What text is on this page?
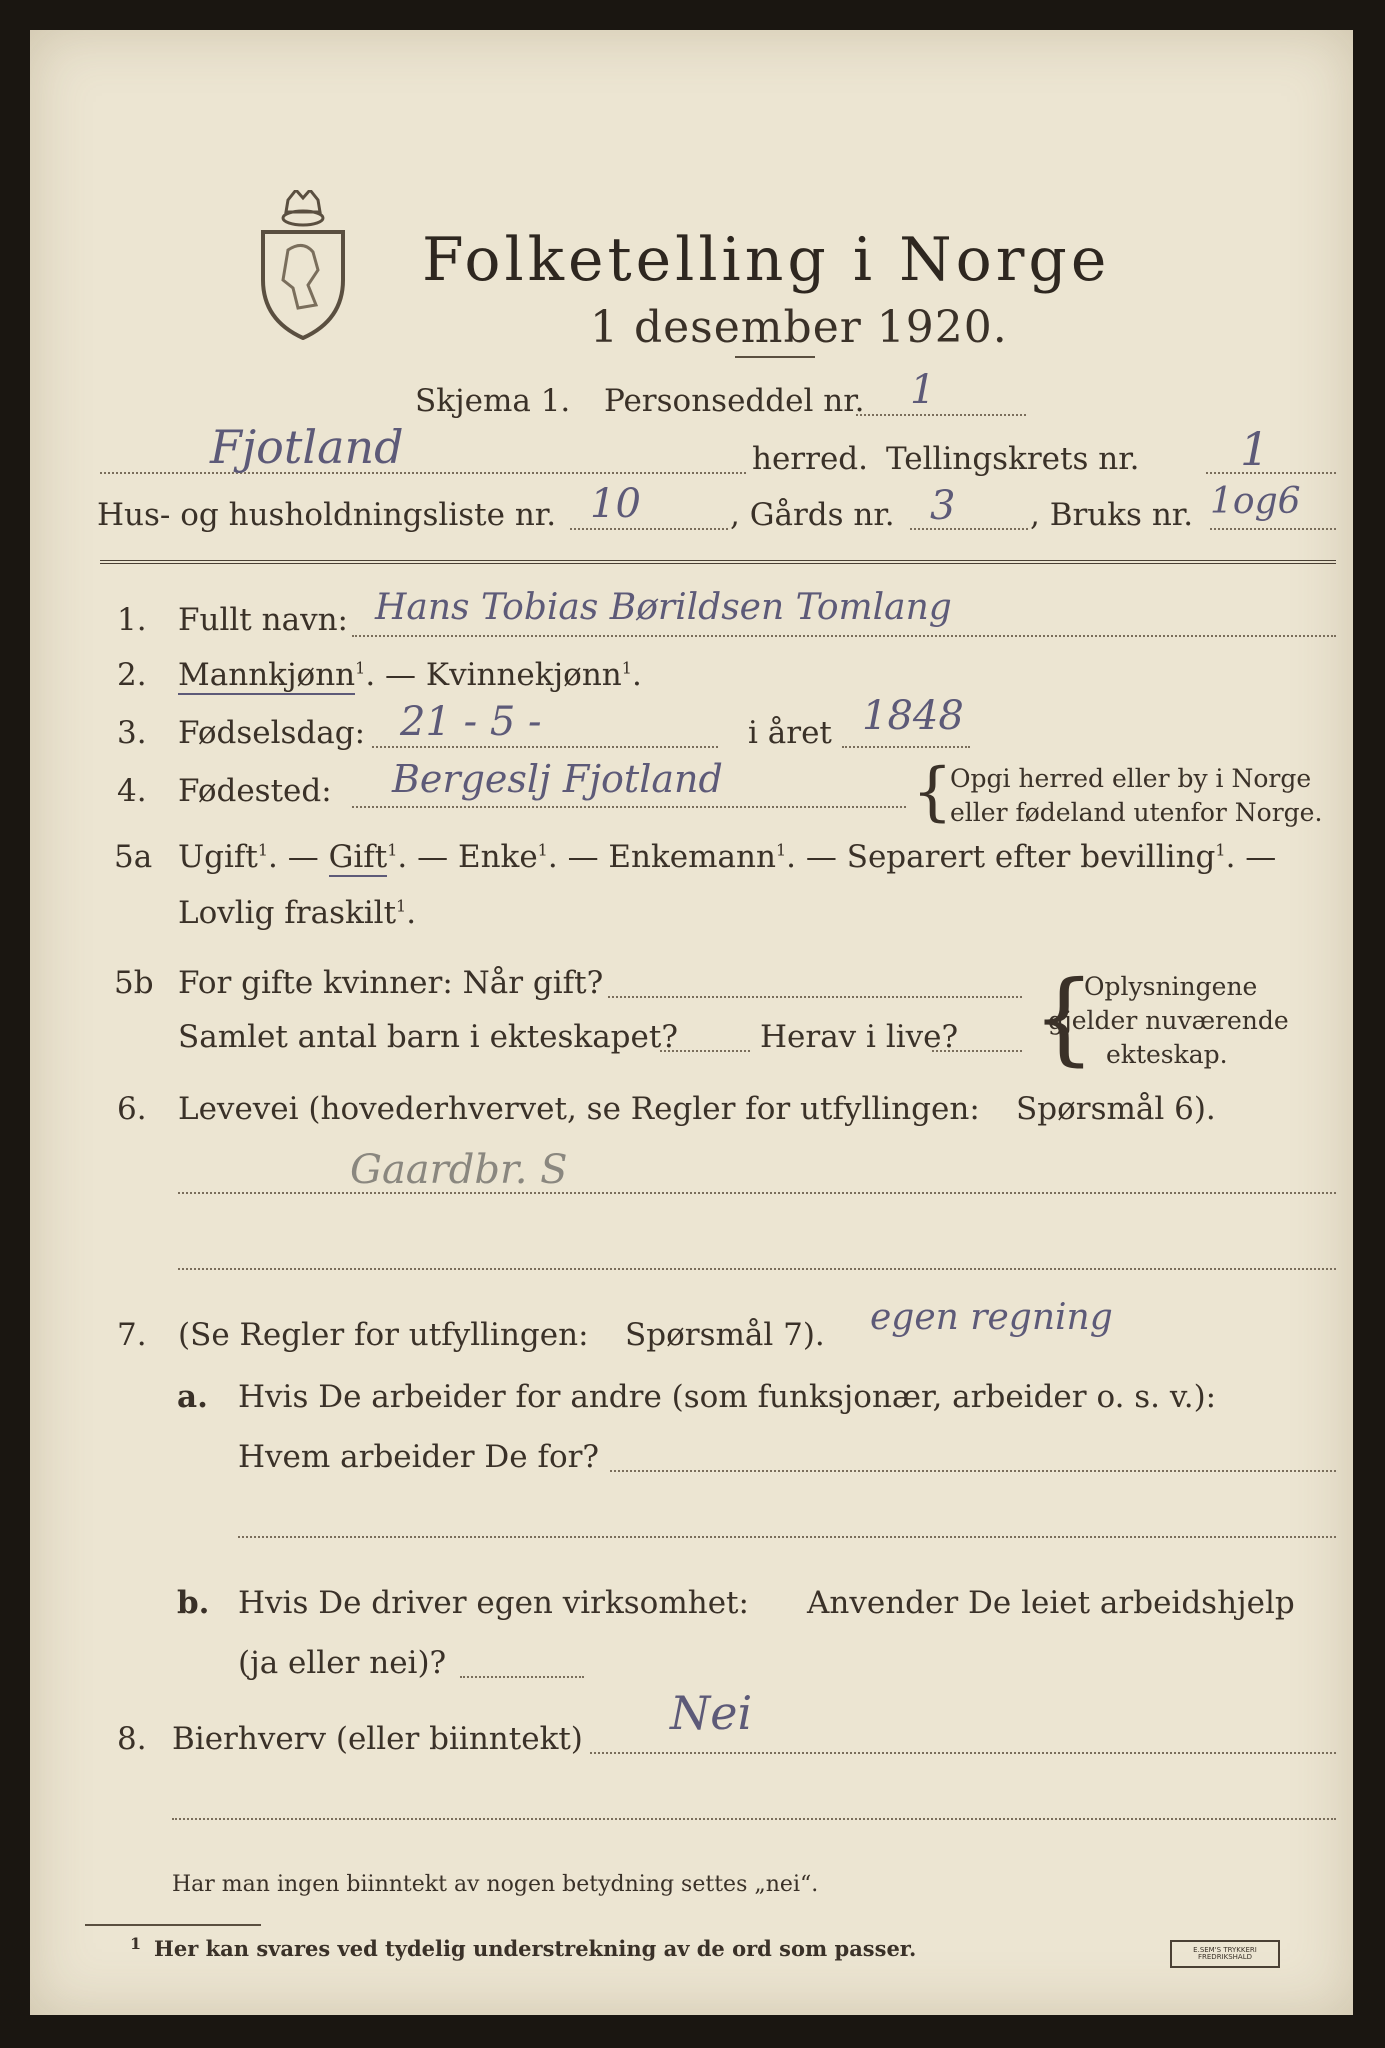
Folketelling i Norge
1 desember 1920.
Skjema 1. Personseddel nr. 1
Fjotland	herred. Tellingskrets nr. 1
Hus- og husholdningsliste nr. 10	, Gårds nr. 3 , Bruks nr. 1og6
1. Fullt navn: Hans Tobias Børildsen Tomlang
2. Mannkjønn$^1$. — Kvinnekjønn$^1$.
3. Fødselsdag: 21 - 5 -	i året 1848
4. Fødested: Bergeslj Fjotland	{
Opgi herred eller by i Norge
eller fødeland utenfor Norge.
5a Ugift$^1$. — Gift$^1$. — Enke$^1$. — Enkemann$^1$. — Separert efter bevilling$^1$. —
Lovlig fraskilt$^1$.
5b For gifte kvinner: Når gift?
Samlet antal barn i ekteskapet?	Herav i live? {
Oplysningene
gjelder nuværende
ekteskap.
6. Levevei (hovederhvervet, se Regler for utfyllingen: Spørsmål 6).
Gaardbr. S
7. (Se Regler for utfyllingen: Spørsmål 7). egen regning
a. Hvis De arbeider for andre (som funksjonær, arbeider o. s. v.):
Hvem arbeider De for?
b. Hvis De driver egen virksomhet: Anvender De leiet arbeidshjelp
(ja eller nei)?
8. Bierhverv (eller biinntekt) Nei
Har man ingen biinntekt av nogen betydning settes „nei“.
1 Her kan svares ved tydelig understrekning av de ord som passer.	E.SEM'S TRYKKERI FREDRIKSHALD
